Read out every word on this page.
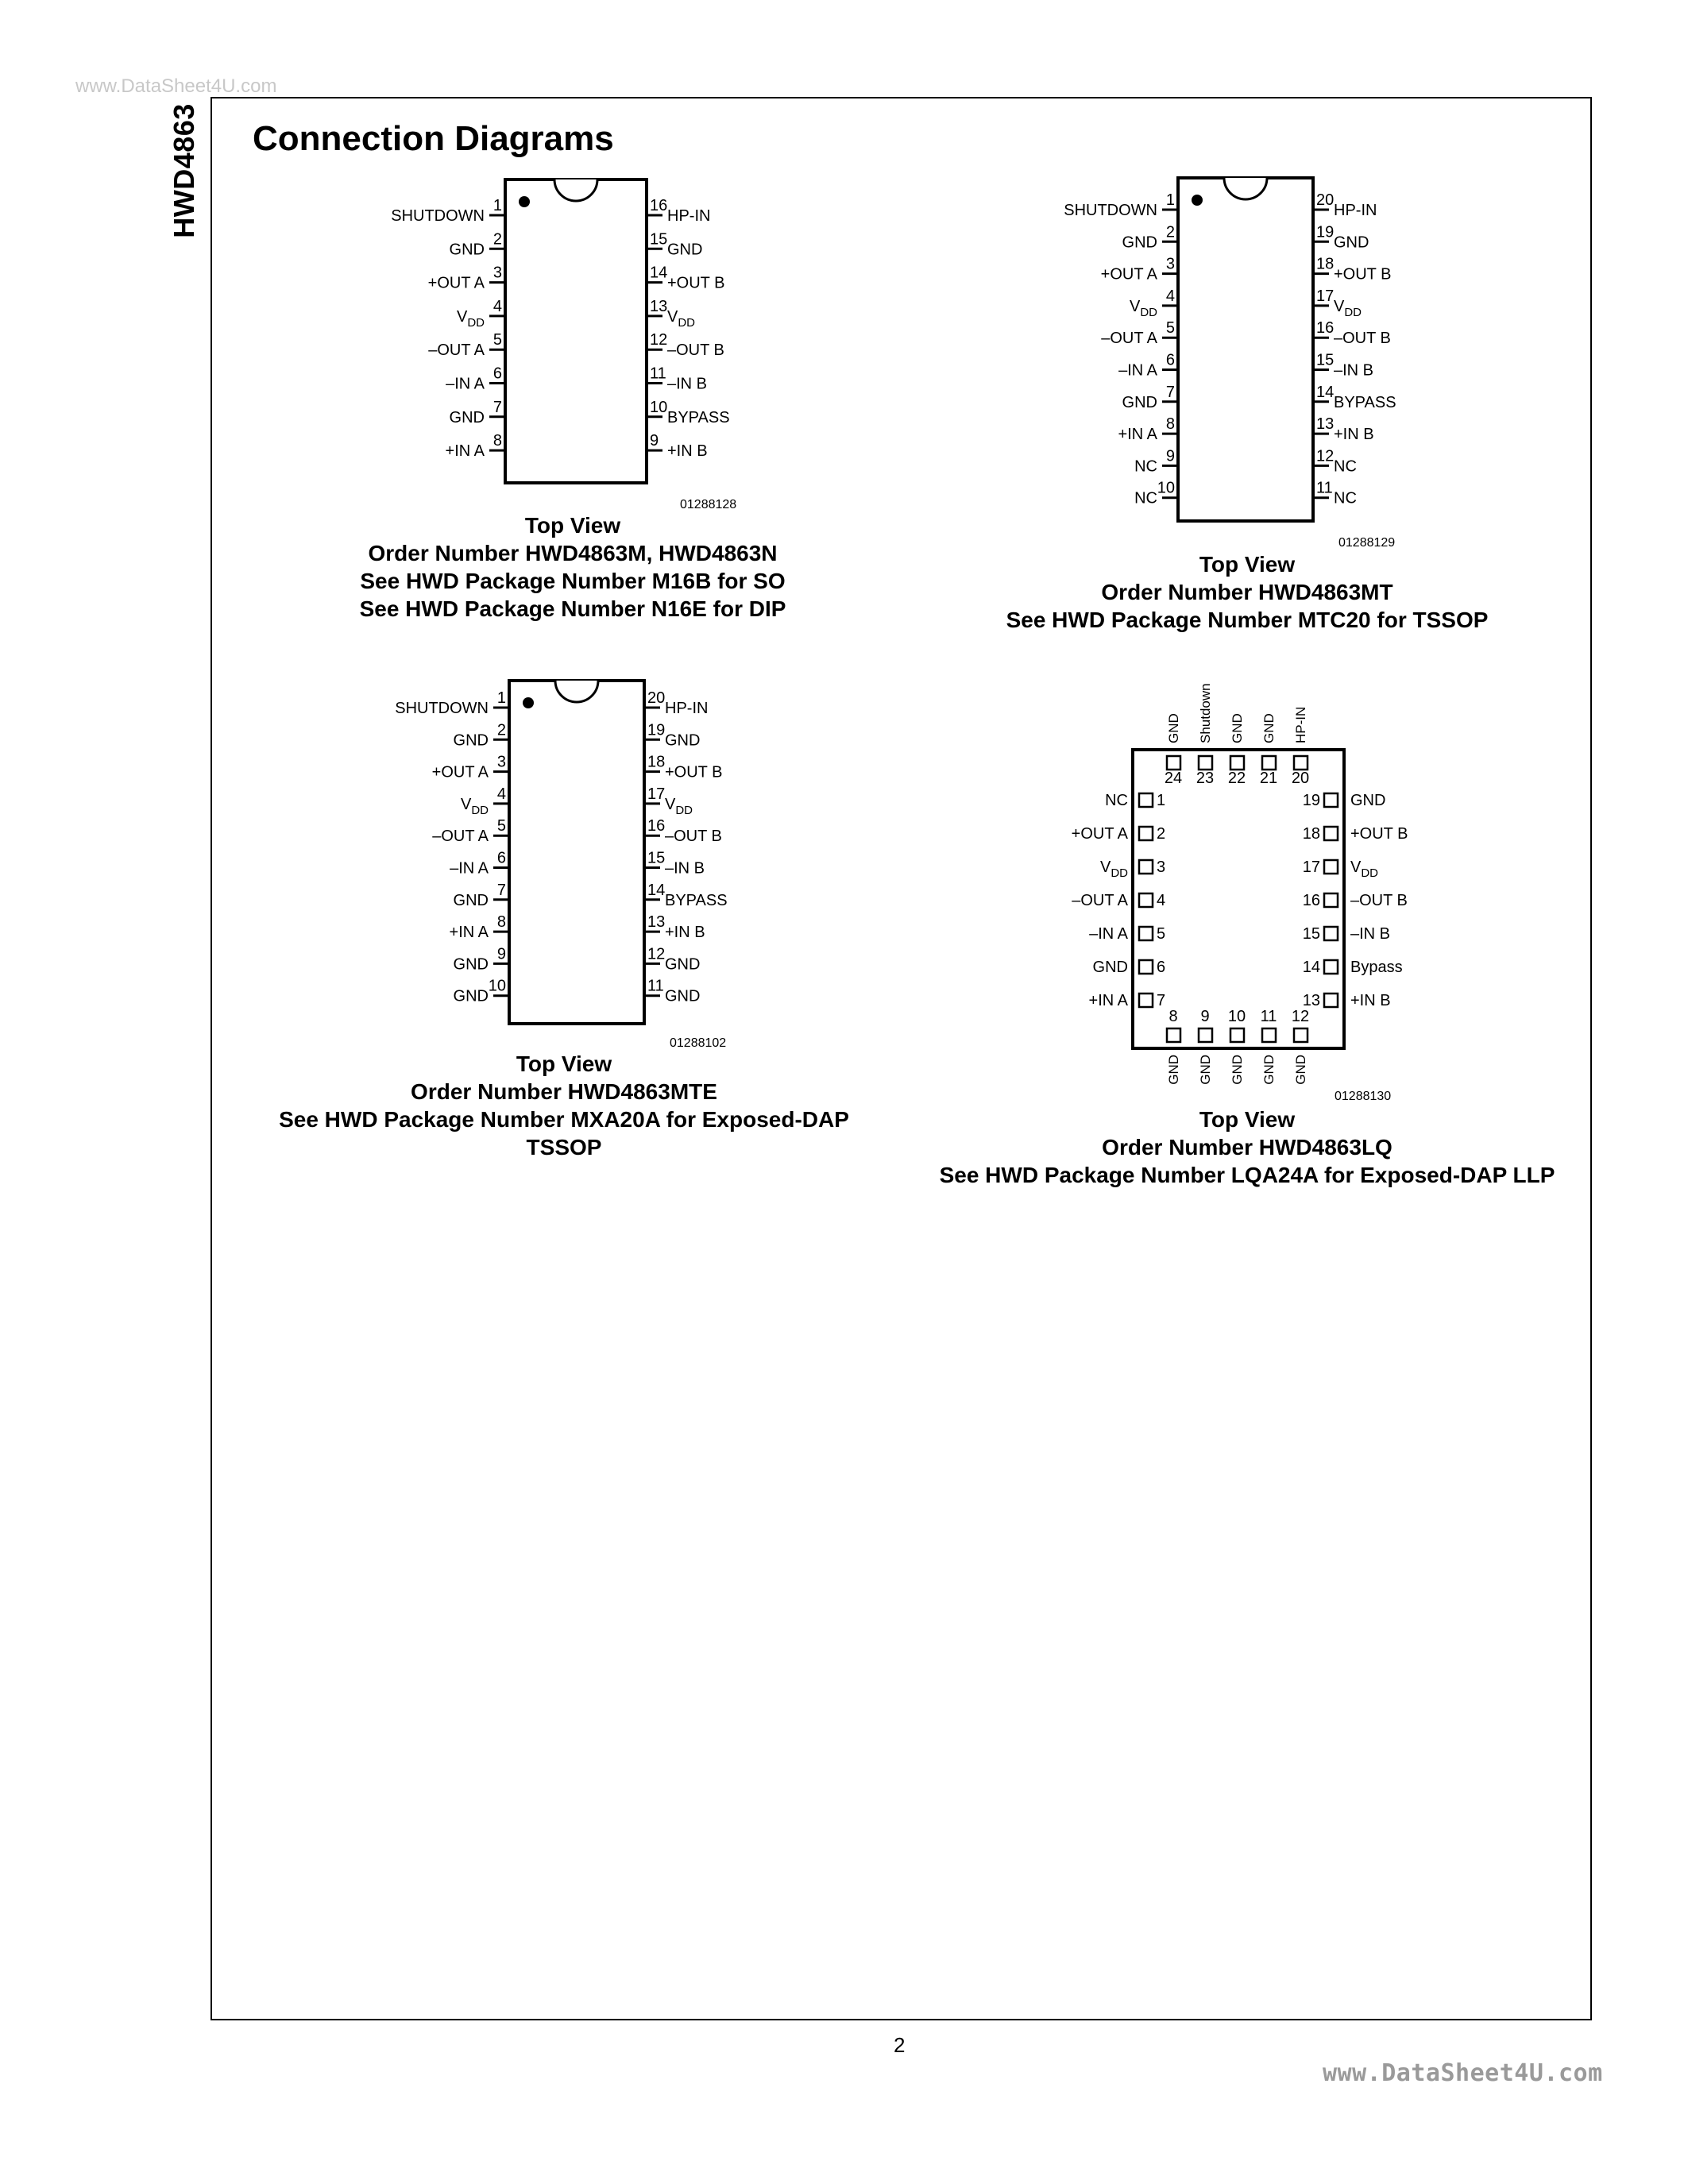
www.DataSheet4U.com
HWD4863 Connection Diagrams
1
SHUTDOWN
2
GND
3
+OUT A
4
$V_{DD}$
5
–OUT A
6
–IN A
7
GND
8
+IN A
16
HP-IN
15
GND
14
+OUT B
13
$V_{DD}$
12
–OUT B
11
–IN B
10
BYPASS
9
+IN B
01288128
1
SHUTDOWN
2
GND
3
+OUT A
4
$V_{DD}$
5
–OUT A
6
–IN A
7
GND
8
+IN A
9
NC
10
NC
20
HP-IN
19
GND
18
+OUT B
17
$V_{DD}$
16
–OUT B
15
–IN B
14
BYPASS
13
+IN B
12
NC
11
NC
01288129
1
SHUTDOWN
2
GND
3
+OUT A
4
$V_{DD}$
5
–OUT A
6
–IN A
7
GND
8
+IN A
9
GND
10
GND
20
HP-IN
19
GND
18
+OUT B
17
$V_{DD}$
16
–OUT B
15
–IN B
14
BYPASS
13
+IN B
12
GND
11
GND
01288102
24
GND
23
Shutdown
22
GND
21
GND
20
HP-IN
8
GND
9
GND
10
GND
11
GND
12
GND
1
NC
2
+OUT A
3
$V_{DD}$
4
–OUT A
5
–IN A
6
GND
7
+IN A
19 GND
18 +OUT B
17 $V_{DD}$
16 –OUT B
15 –IN B
14 Bypass
13 +IN B
01288130
Top View
Order Number HWD4863M, HWD4863N
See HWD Package Number M16B for SO
See HWD Package Number N16E for DIP
Top View
Order Number HWD4863MT
See HWD Package Number MTC20 for TSSOP
Top View
Order Number HWD4863MTE
See HWD Package Number MXA20A for Exposed-DAP
TSSOP
Top View
Order Number HWD4863LQ
See HWD Package Number LQA24A for Exposed-DAP LLP
2
www.DataSheet4U.com
